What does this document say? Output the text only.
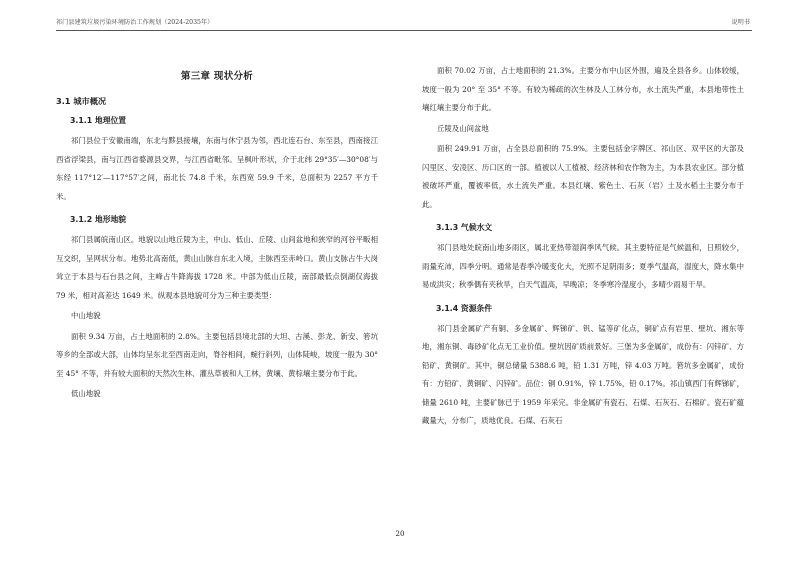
祁门县建筑垃圾污染环境防治工作规划（2024-2035年）	说明书
第三章 现状分析
3.1 城市概况
3.1.1 地理位置

祁门县位于安徽南端，东北与黟县接壤，东南与休宁县为邻，西北连石台、东至县，西南接江西省浮梁县，南与江西省婺源县交界，与江西省毗邻。呈枫叶形状，介于北纬 29°35′—30°08′与东经 117°12′—117°57′之间，南北长 74.8 千米，东西宽 59.9 千米，总面积为 2257 平方千米。

3.1.2 地形地貌

祁门县属皖南山区。地貌以山地丘陵为主，中山、低山、丘陵、山间盆地和狭窄的河谷平畈相互交织，呈网状分布。地势北高南低，黄山山脉自东北入境，主脉西至赤岭口。黄山支脉占牛大岗耸立于本县与石台县之间，主峰占牛降海拔 1728 米。中部为低山丘陵，南部最低点倒湖仅海拔 79 米，相对高差达 1649 米。纵观本县地貌可分为三种主要类型：

中山地貌

面积 9.34 万亩，占土地面积的 2.8%。主要包括县境北部的大坦、古溪、彭龙、新安、箬坑等乡的全部或大部，山体均呈东北至西南走向，脊谷相间，蜿行斜列，山体陡峻，坡度一般为 30° 至 45° 不等，并有较大面积的天然次生林、灌丛草被和人工林，黄壤、黄棕壤主要分布于此。

低山地貌

面积 70.02 万亩，占土地面积的 21.3%。主要分布中山区外围，遍及全县各乡。山体较缓，坡度一般为 20° 至 35° 不等。有较为稀疏的次生林及人工林分布，水土流失严重，本县地带性土壤红壤主要分布于此。

丘陵及山间盆地

面积 249.91 万亩，占全县总面积的 75.9%。主要包括金字牌区、祁山区、双平区的大部及闪里区、安凌区、历口区的一部。植被以人工植被、经济林和农作物为主，为本县农业区。部分植被破坏严重，覆被率低，水土流失严重。本县红壤、紫色土、石灰（岩）土及水稻土主要分布于此。

3.1.3 气候水文

祁门县地处皖南山地多雨区，属北亚热带湿润季风气候。其主要特征是气候温和，日照较少，雨量充沛，四季分明。通常是春季冷暖变化大，光照不足阴雨多；夏季气温高，湿度大，降水集中易成洪灾；秋季偶有夹秋旱，白天气温高，早晚凉；冬季寒冷湿度小，多晴少雨易干旱。

3.1.4 资源条件

祁门县金属矿产有铜、多金属矿、辉锑矿、钒、锰等矿化点，铜矿点有岩里、壁坑、湘东等地，湘东铜、毒砂矿化点无工业价值。壁坑因矿质前景好。三堡为多金属矿，成份有：闪锌矿、方铅矿、黄铜矿。其中，铜总储量 5388.6 吨，铅 1.31 万吨，锌 4.03 万吨。箬坑多金属矿，成份有：方铅矿、黄铜矿、闪锌矿。品位：铜 0.91%，锌 1.75%，铅 0.17%。祁山镇西门有辉锑矿，储量 2610 吨，主要矿脉已于 1959 年采完。非金属矿有瓷石、石煤、石灰石、石棉矿。瓷石矿蕴藏量大，分布广，质地优良。石煤、石灰石

20
